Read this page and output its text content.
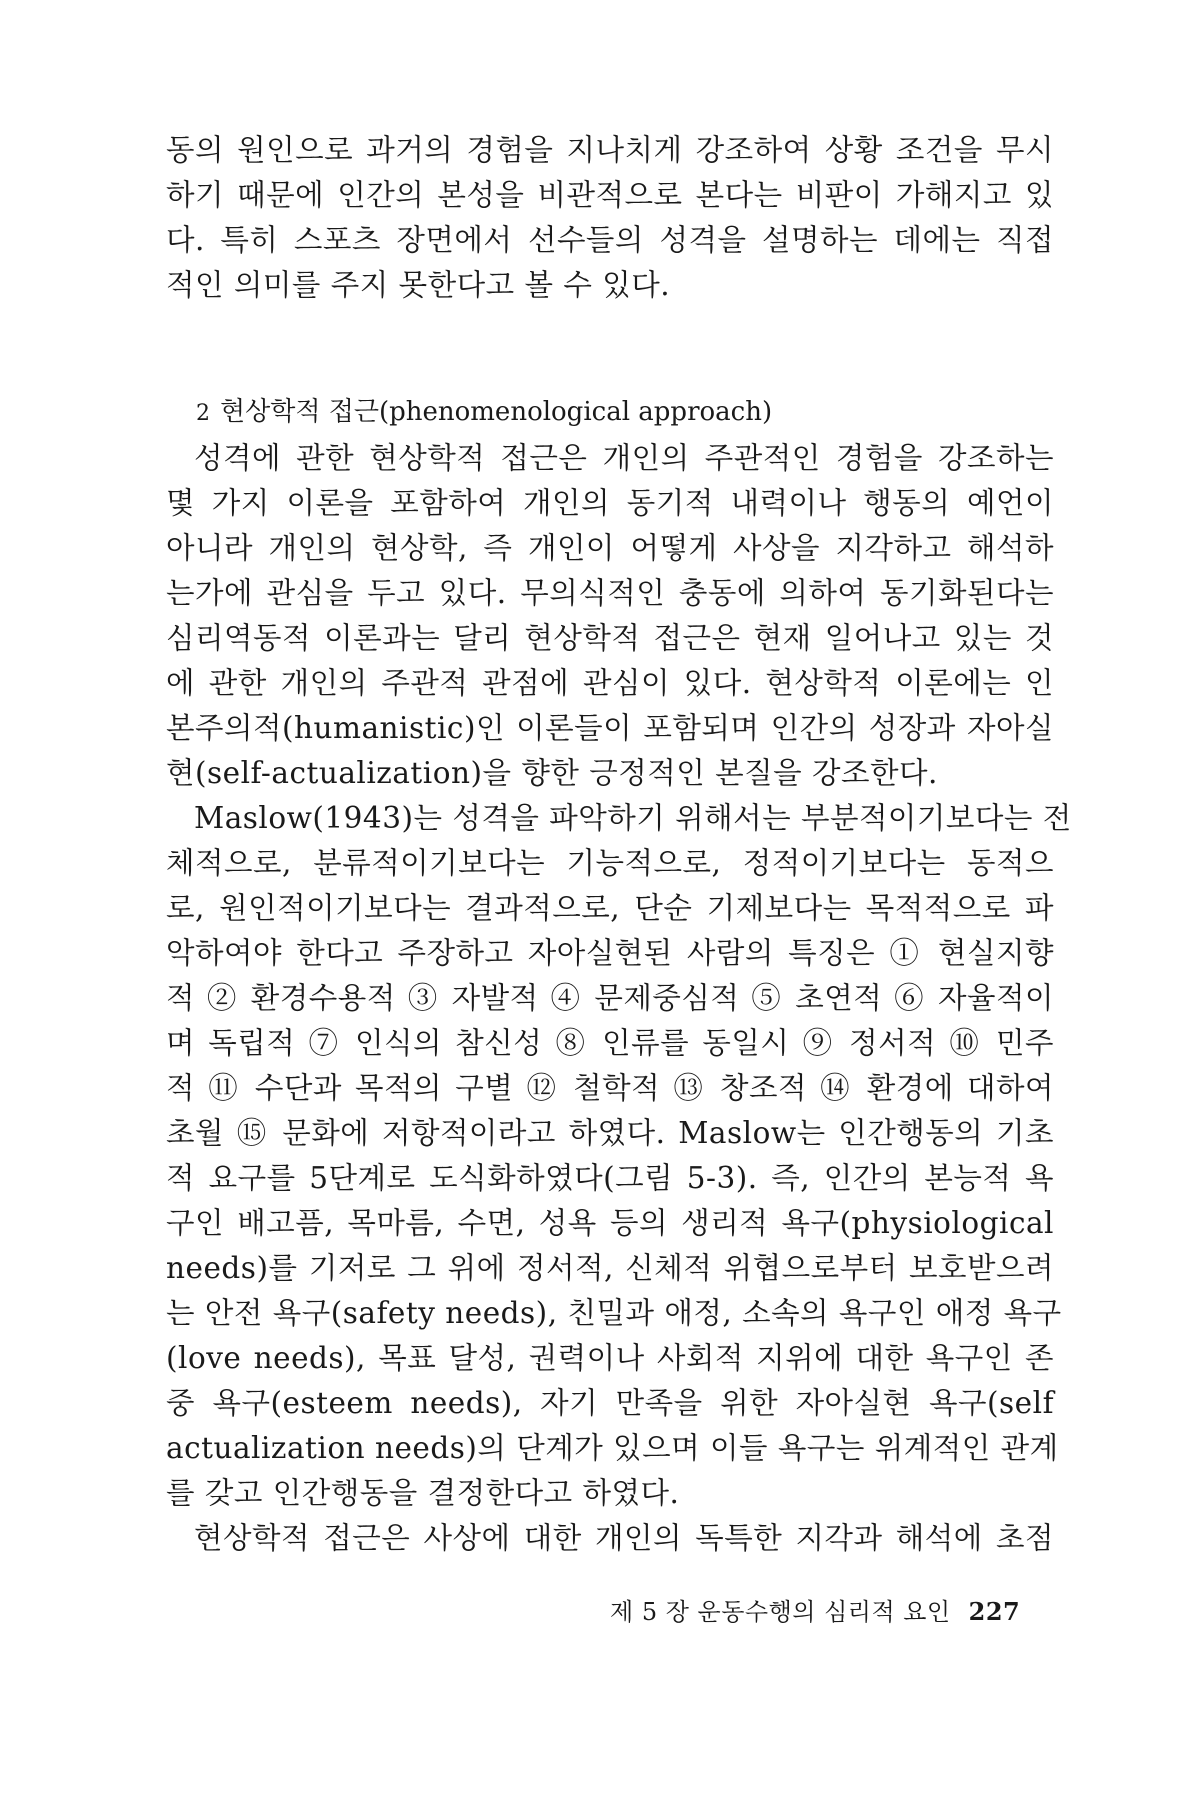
동의 원인으로 과거의 경험을 지나치게 강조하여 상황 조건을 무시
하기 때문에 인간의 본성을 비관적으로 본다는 비판이 가해지고 있
다. 특히 스포츠 장면에서 선수들의 성격을 설명하는 데에는 직접
적인 의미를 주지 못한다고 볼 수 있다.
2 현상학적 접근(phenomenological approach)
성격에 관한 현상학적 접근은 개인의 주관적인 경험을 강조하는
몇 가지 이론을 포함하여 개인의 동기적 내력이나 행동의 예언이
아니라 개인의 현상학, 즉 개인이 어떻게 사상을 지각하고 해석하
는가에 관심을 두고 있다. 무의식적인 충동에 의하여 동기화된다는
심리역동적 이론과는 달리 현상학적 접근은 현재 일어나고 있는 것
에 관한 개인의 주관적 관점에 관심이 있다. 현상학적 이론에는 인
본주의적(humanistic)인 이론들이 포함되며 인간의 성장과 자아실
현(self-actualization)을 향한 긍정적인 본질을 강조한다.
Maslow(1943)는 성격을 파악하기 위해서는 부분적이기보다는 전
체적으로, 분류적이기보다는 기능적으로, 정적이기보다는 동적으
로, 원인적이기보다는 결과적으로, 단순 기제보다는 목적적으로 파
악하여야 한다고 주장하고 자아실현된 사람의 특징은 ① 현실지향
적 ② 환경수용적 ③ 자발적 ④ 문제중심적 ⑤ 초연적 ⑥ 자율적이
며 독립적 ⑦ 인식의 참신성 ⑧ 인류를 동일시 ⑨ 정서적 ⑩ 민주
적 ⑪ 수단과 목적의 구별 ⑫ 철학적 ⑬ 창조적 ⑭ 환경에 대하여
초월 ⑮ 문화에 저항적이라고 하였다. Maslow는 인간행동의 기초
적 요구를 5단계로 도식화하였다(그림 5-3). 즉, 인간의 본능적 욕
구인 배고픔, 목마름, 수면, 성욕 등의 생리적 욕구(physiological
needs)를 기저로 그 위에 정서적, 신체적 위협으로부터 보호받으려
는 안전 욕구(safety needs), 친밀과 애정, 소속의 욕구인 애정 욕구
(love needs), 목표 달성, 권력이나 사회적 지위에 대한 욕구인 존
중 욕구(esteem needs), 자기 만족을 위한 자아실현 욕구(self
actualization needs)의 단계가 있으며 이들 욕구는 위계적인 관계
를 갖고 인간행동을 결정한다고 하였다.
현상학적 접근은 사상에 대한 개인의 독특한 지각과 해석에 초점
제 5 장 운동수행의 심리적 요인 227
